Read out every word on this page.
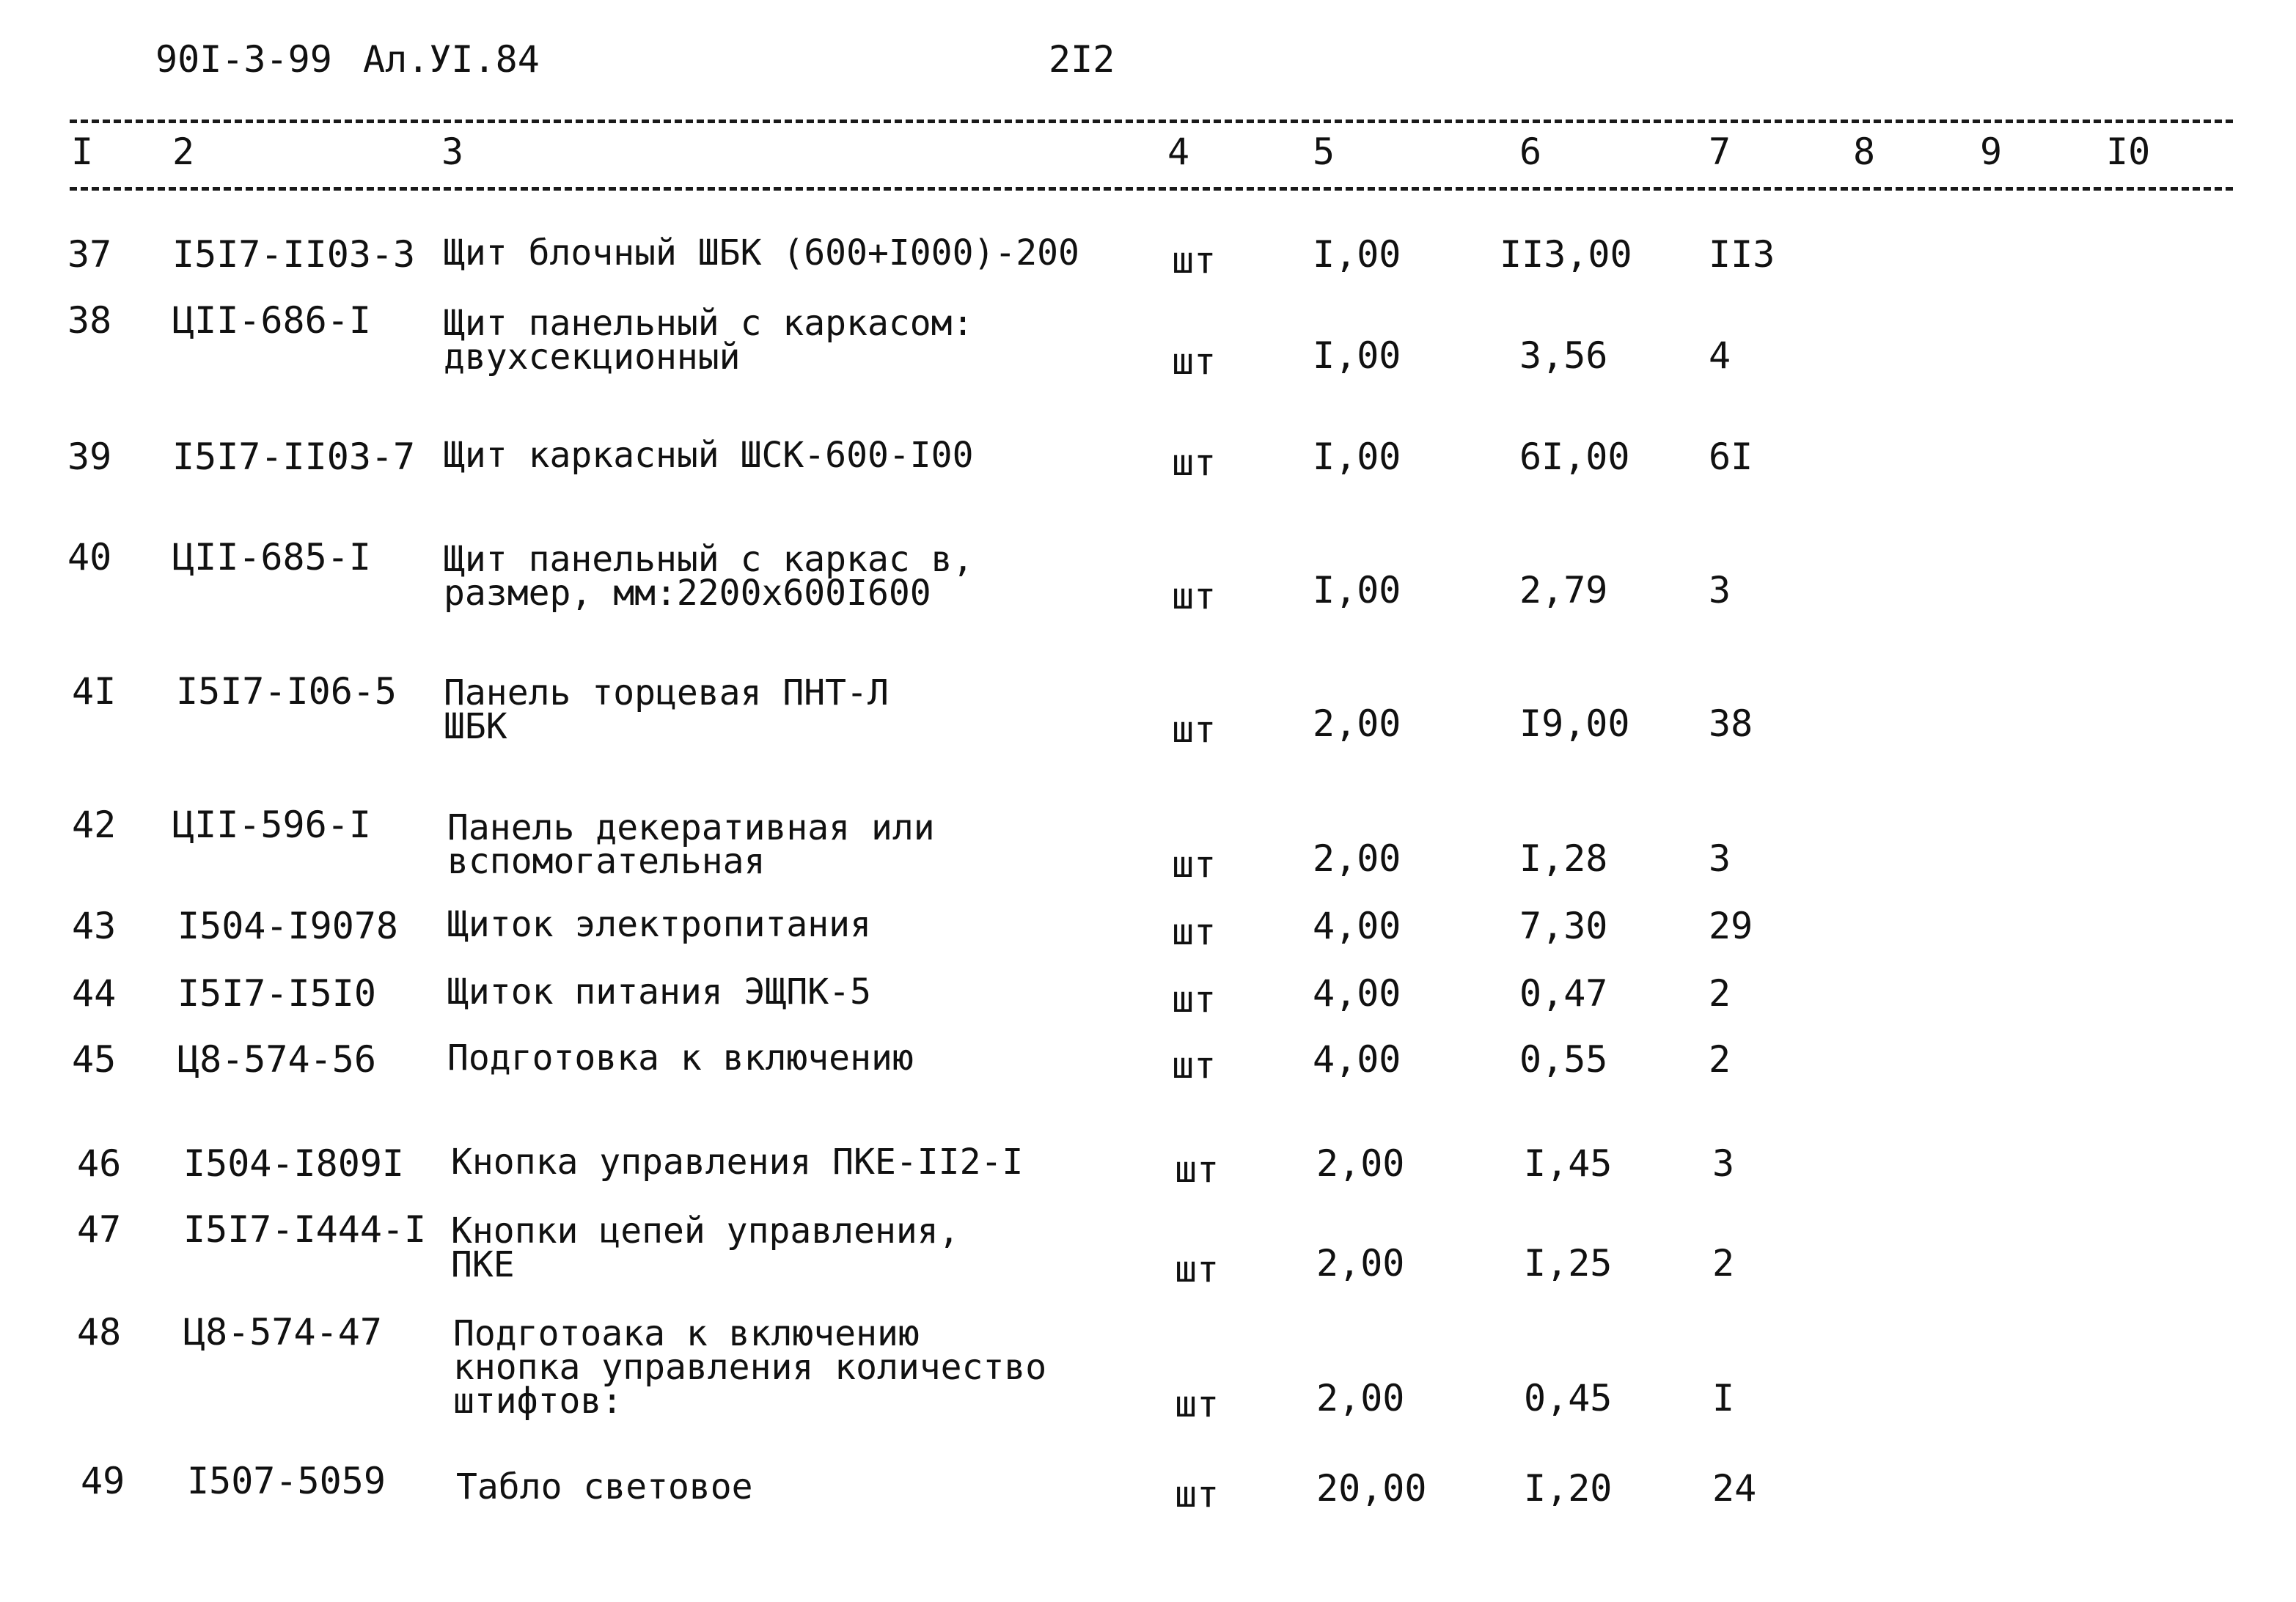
90I-3-99 Ал.УI.84	2I2
I 2	3	4	5	6	7	8	9	I0
37 I5I7-II03-3 Щит блочный ШБК (600+I000)-200	шт	I,00	II3,00 II3
38 ЦII-686-I Щит панельный с каркасом:
двухсекционный	шт	I,00	3,56	4
39 I5I7-II03-7 Щит каркасный ШСК-600-I00	шт	I,00	6I,00 6I
40 ЦII-685-I Щит панельный с каркас в,
размер, мм:2200х600I600	шт	I,00	2,79	3
4I I5I7-I06-5 Панель торцевая ПНТ-Л
ШБК	шт	2,00	I9,00 38
42 ЦII-596-I Панель декеративная или
вспомогательная	шт	2,00	I,28	3
43 I504-I9078 Щиток электропитания	шт	4,00	7,30	29
44 I5I7-I5I0 Щиток питания ЭЩПК-5	шт	4,00	0,47	2
45 Ц8-574-56 Подготовка к включению	шт	4,00	0,55	2
46 I504-I809I Кнопка управления ПКЕ-II2-I	шт	2,00	I,45	3
47 I5I7-I444-I Кнопки цепей управления,
ПКЕ	шт	2,00	I,25	2
48 Ц8-574-47 Подготоака к включению
кнопка управления количество
штифтов:	шт	2,00	0,45	I
49 I507-5059 Табло световое	шт	20,00	I,20	24
